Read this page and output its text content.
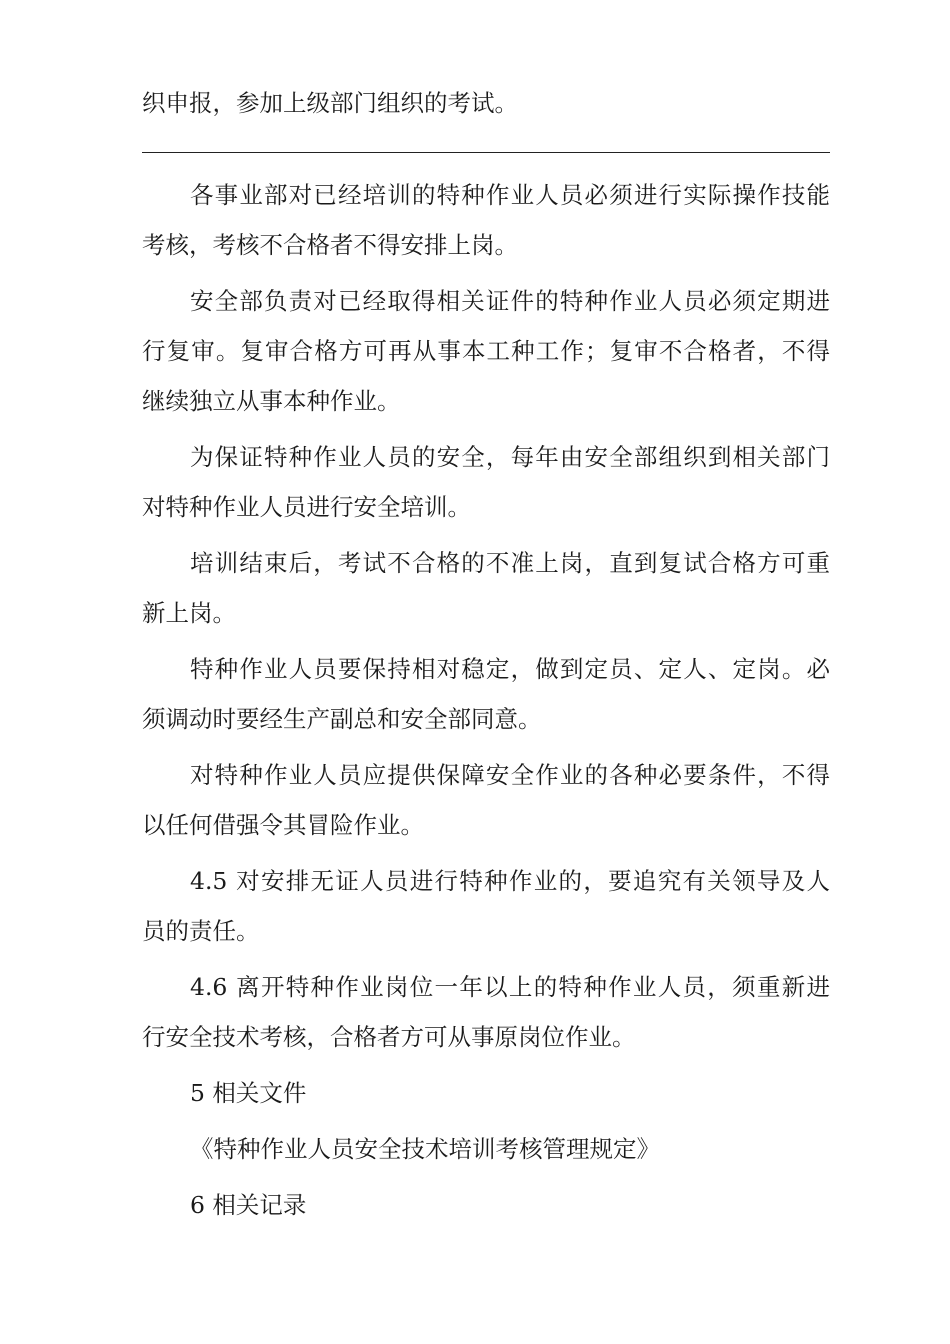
织申报，参加上级部门组织的考试。
各事业部对已经培训的特种作业人员必须进行实际操作技能
考核，考核不合格者不得安排上岗。
安全部负责对已经取得相关证件的特种作业人员必须定期进
行复审。复审合格方可再从事本工种工作；复审不合格者，不得
继续独立从事本种作业。
为保证特种作业人员的安全，每年由安全部组织到相关部门
对特种作业人员进行安全培训。
培训结束后，考试不合格的不准上岗，直到复试合格方可重
新上岗。
特种作业人员要保持相对稳定，做到定员、定人、定岗。必
须调动时要经生产副总和安全部同意。
对特种作业人员应提供保障安全作业的各种必要条件，不得
以任何借强令其冒险作业。
4.5 对安排无证人员进行特种作业的，要追究有关领导及人
员的责任。
4.6 离开特种作业岗位一年以上的特种作业人员，须重新进
行安全技术考核，合格者方可从事原岗位作业。
5 相关文件
《特种作业人员安全技术培训考核管理规定》
6 相关记录
